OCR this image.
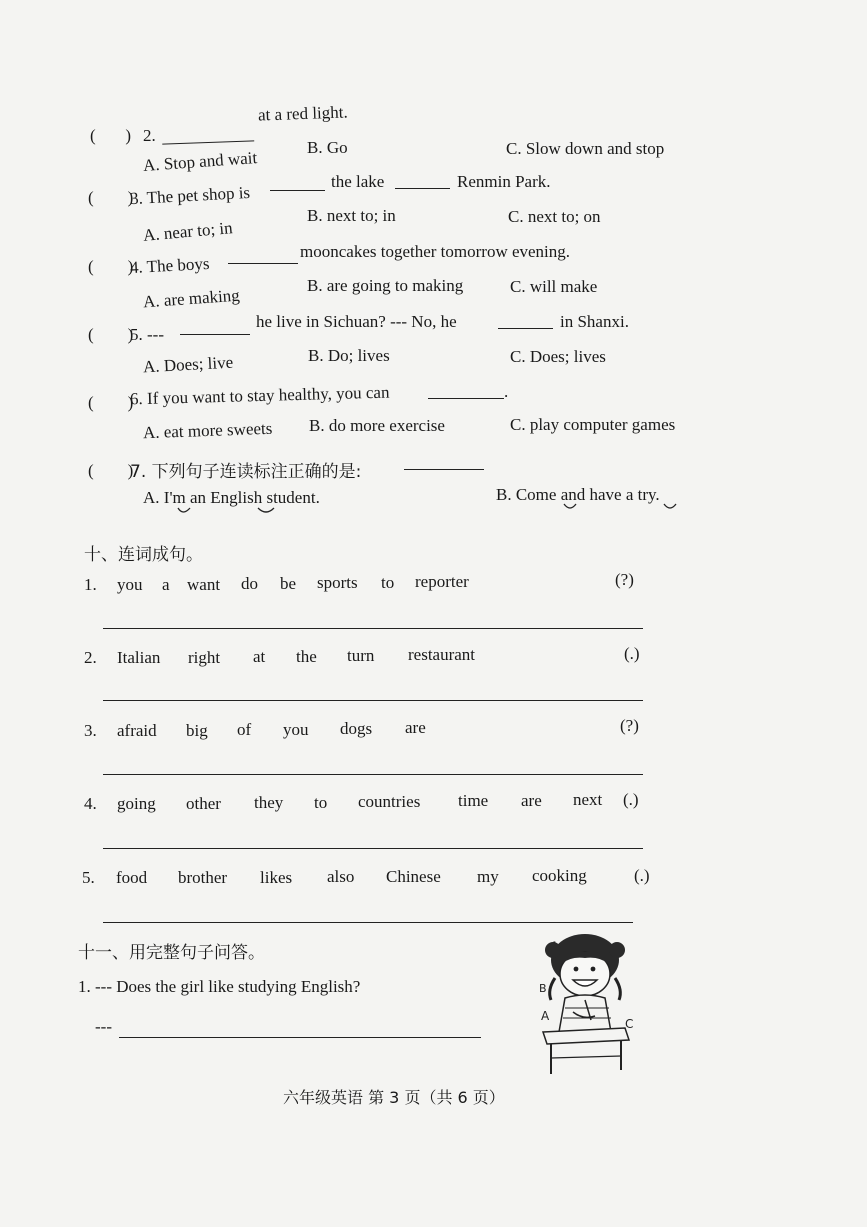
(       ) 2.
at a red light.
A. Stop and wait
B. Go	C. Slow down and stop
(        )
3. The pet shop is
the lake	Renmin Park.
A. near to; in
B. next to; in	C. next to; on
(        )
4. The boys
mooncakes together tomorrow evening.
A. are making
B. are going to making	C. will make
(        )
5. ---
he live in Sichuan? --- No, he	in Shanxi.
A. Does; live	B. Do; lives	C. Does; lives
(        )
6. If you want to stay healthy, you can	.
A. eat more sweets B. do more exercise	C. play computer games
(        )
7. 下列句子连读标注正确的是:
A. I'm an English student.	B. Come and have a try.
十、连词成句。
1. you a want do be sports to reporter	(?)
2. Italian right at the turn restaurant	(.)
3. afraid big of you dogs are	(?)
4. going other they to countries time are next (.)
5. food brother likes also Chinese my cooking	(.)
十一、用完整句子问答。
1. --- Does the girl like studying English?
---
B
A
C
六年级英语 第 3 页（共 6 页）
